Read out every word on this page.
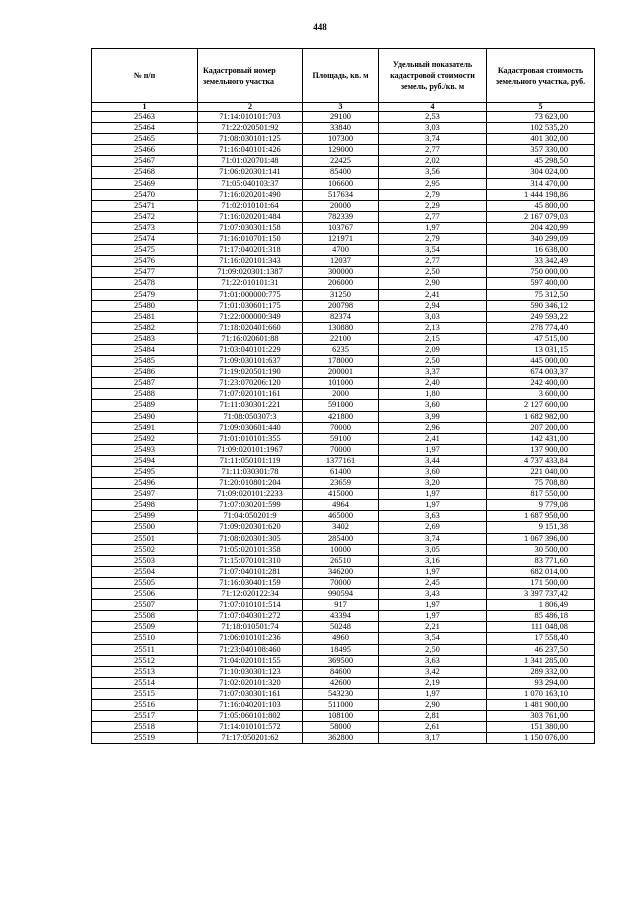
448
№ п/п	Кадастровый номер земельного участка	Площадь, кв. м	Удельный показатель кадастровой стоимости земель, руб./кв. м	Кадастровая стоимость земельного участка, руб.
1	2	3	4	5
25463	71:14:010101:703	29100	2,53	73 623,00
25464	71:22:020501:92	33840	3,03	102 535,20
25465	71:08:030101:125	107300	3,74	401 302,00
25466	71:16:040101:426	129000	2,77	357 330,00
25467	71:01:020701:48	22425	2,02	45 298,50
25468	71:06:020301:141	85400	3,56	304 024,00
25469	71:05:040103:37	106600	2,95	314 470,00
25470	71:16:020201:490	517634	2,79	1 444 198,86
25471	71:02:010101:64	20000	2,29	45 800,00
25472	71:16:020201:484	782339	2,77	2 167 079,03
25473	71:07:030301:158	103767	1,97	204 420,99
25474	71:16:010701:150	121971	2,79	340 299,09
25475	71:17:040201:318	4700	3,54	16 638,00
25476	71:16:020101:343	12037	2,77	33 342,49
25477	71:09:020301:1387	300000	2,50	750 000,00
25478	71:22:010101:31	206000	2,90	597 400,00
25479	71:01:000000:775	31250	2,41	75 312,50
25480	71:01:030601:175	200798	2,94	590 346,12
25481	71:22:000000:349	82374	3,03	249 593,22
25482	71:18:020401:660	130880	2,13	278 774,40
25483	71:16:020601:88	22100	2,15	47 515,00
25484	71:03:040101:229	6235	2,09	13 031,15
25485	71:09:030101:637	178000	2,50	445 000,00
25486	71:19:020501:190	200001	3,37	674 003,37
25487	71:23:070206:120	101000	2,40	242 400,00
25488	71:07:020101:161	2000	1,80	3 600,00
25489	71:11:030301:221	591000	3,60	2 127 600,00
25490	71:08:050307:3	421800	3,99	1 682 982,00
25491	71:09:030601:440	70000	2,96	207 200,00
25492	71:01:010101:355	59100	2,41	142 431,00
25493	71:09:020101:1967	70000	1,97	137 900,00
25494	71:11:050101:119	1377161	3,44	4 737 433,84
25495	71:11:030301:78	61400	3,60	221 040,00
25496	71:20:010801:204	23659	3,20	75 708,80
25497	71:09:020101:2233	415000	1,97	817 550,00
25498	71:07:030201:599	4964	1,97	9 779,08
25499	71:04:050201:9	465000	3,63	1 687 950,00
25500	71:09:020301:620	3402	2,69	9 151,38
25501	71:08:020301:305	285400	3,74	1 067 396,00
25502	71:05:020101:358	10000	3,05	30 500,00
25503	71:15:070101:310	26510	3,16	83 771,60
25504	71:07:040101:281	346200	1,97	682 014,00
25505	71:16:030401:159	70000	2,45	171 500,00
25506	71:12:020122:34	990594	3,43	3 397 737,42
25507	71:07:010101:514	917	1,97	1 806,49
25508	71:07:040301:272	43394	1,97	85 486,18
25509	71:18:010501:74	50248	2,21	111 048,08
25510	71:06:010101:236	4960	3,54	17 558,40
25511	71:23:040108:460	18495	2,50	46 237,50
25512	71:04:020101:155	369500	3,63	1 341 285,00
25513	71:10:030301:123	84600	3,42	289 332,00
25514	71:02:020101:320	42600	2,19	93 294,00
25515	71:07:030301:161	543230	1,97	1 070 163,10
25516	71:16:040201:103	511000	2,90	1 481 900,00
25517	71:05:060101:802	108100	2,81	303 761,00
25518	71:14:010101:572	58000	2,61	151 380,00
25519	71:17:050201:62	362800	3,17	1 150 076,00
